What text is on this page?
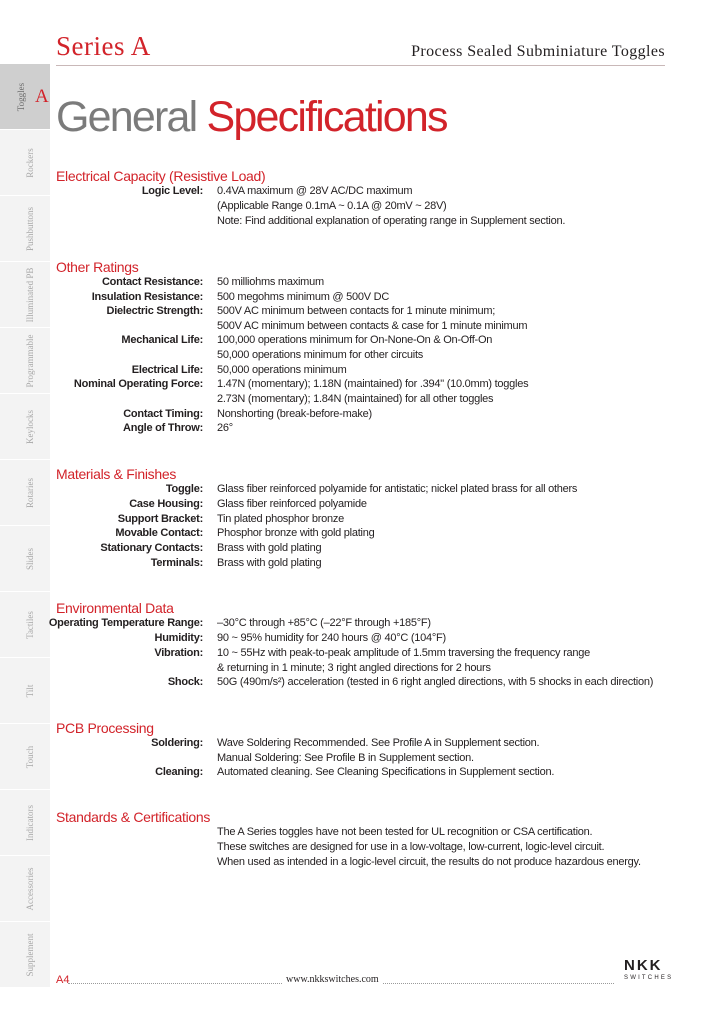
Series A	Process Sealed Subminiature Toggles
Toggles A
Rockers
Pushbuttons
Illuminated PB
Programmable
Keylocks
Rotaries
Slides
Tactiles
Tilt
Touch
Indicators
Accessories
Supplement
General Specifications
Electrical Capacity (Resistive Load)
Logic Level: 0.4VA maximum @ 28V AC/DC maximum
(Applicable Range 0.1mA ~ 0.1A @ 20mV ~ 28V)
Note: Find additional explanation of operating range in Supplement section.
Other Ratings
Contact Resistance: 50 milliohms maximum
Insulation Resistance: 500 megohms minimum @ 500V DC
Dielectric Strength: 500V AC minimum between contacts for 1 minute minimum;
500V AC minimum between contacts & case for 1 minute minimum
Mechanical Life: 100,000 operations minimum for On-None-On & On-Off-On
50,000 operations minimum for other circuits
Electrical Life: 50,000 operations minimum
Nominal Operating Force: 1.47N (momentary); 1.18N (maintained) for .394" (10.0mm) toggles
2.73N (momentary); 1.84N (maintained) for all other toggles
Contact Timing: Nonshorting (break-before-make)
Angle of Throw: 26°
Materials & Finishes
Toggle: Glass fiber reinforced polyamide for antistatic; nickel plated brass for all others
Case Housing: Glass fiber reinforced polyamide
Support Bracket: Tin plated phosphor bronze
Movable Contact: Phosphor bronze with gold plating
Stationary Contacts: Brass with gold plating
Terminals: Brass with gold plating
Environmental Data
Operating Temperature Range: –30°C through +85°C (–22°F through +185°F)
Humidity: 90 ~ 95% humidity for 240 hours @ 40°C (104°F)
Vibration: 10 ~ 55Hz with peak-to-peak amplitude of 1.5mm traversing the frequency range
& returning in 1 minute; 3 right angled directions for 2 hours
Shock: 50G (490m/s²) acceleration (tested in 6 right angled directions, with 5 shocks in each direction)
PCB Processing
Soldering: Wave Soldering Recommended. See Profile A in Supplement section.
Manual Soldering: See Profile B in Supplement section.
Cleaning: Automated cleaning. See Cleaning Specifications in Supplement section.
Standards & Certifications
The A Series toggles have not been tested for UL recognition or CSA certification.
These switches are designed for use in a low-voltage, low-current, logic-level circuit.
When used as intended in a logic-level circuit, the results do not produce hazardous energy.
A4	www.nkkswitches.com
NKK
SWITCHES
